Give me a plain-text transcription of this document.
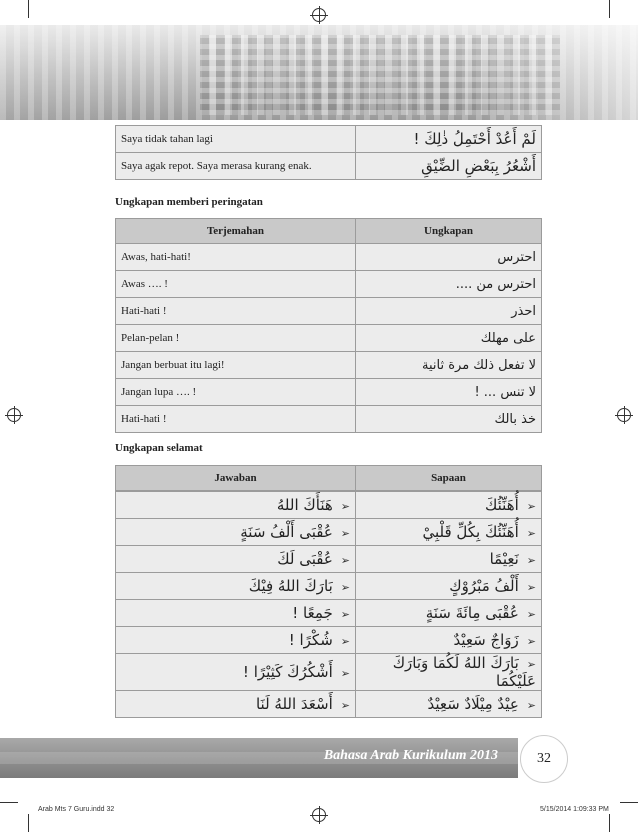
Saya tidak tahan lagi	لَمْ أَعُدْ أَحْتَمِلُ ذٰلِكَ !
Saya agak repot. Saya merasa kurang enak.	أَشْعُرُ بِبَعْضِ الضِّيْقِ
Ungkapan memberi peringatan
Terjemahan	Ungkapan
Awas, hati-hati!	احترس
Awas …. !	احترس من ....
Hati-hati !	احذر
Pelan-pelan !	على مهلك
Jangan berbuat itu lagi!	لا تفعل ذلك مرة ثانية
Jangan lupa …. !	لا تنس ... !
Hati-hati !	خذ بالك
Ungkapan selamat
Jawaban	Sapaan
➢هَنَأَكَ اللهُ	➢أُهَنِّئُكَ
➢عُقْبَى أَلْفُ سَنَةٍ	➢أُهَنِّئُكَ بِكُلِّ قَلْبِيْ
➢عُقْبَى لَكَ	➢نَعِيْمًا
➢بَارَكَ اللهُ فِيْكَ	➢أَلْفُ مَبْرُوْكٍ
➢جَمِعًا !	➢عُقْبَى مِائَةَ سَنَةٍ
➢شُكْرًا !	➢زَوَاجٌ سَعِيْدٌ
➢أَشْكُرُكَ كَثِيْرًا !	➢بَارَكَ اللهُ لَكُمَا وَبَارَكَ عَلَيْكُمَا
➢أَسْعَدَ اللهُ لَنَا	➢عِيْدٌ مِيْلَادٌ سَعِيْدٌ
Bahasa Arab Kurikulum 2013	32
Arab Mts 7 Guru.indd 32	5/15/2014 1:09:33 PM
